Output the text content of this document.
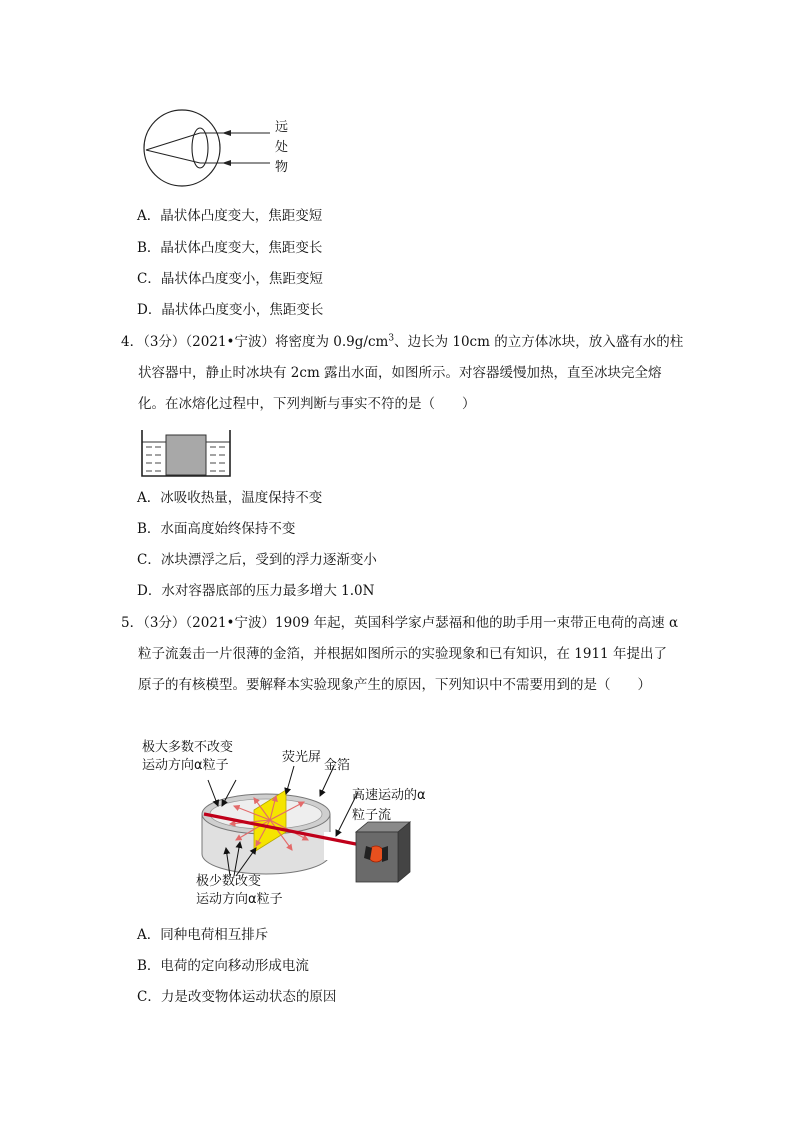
远
处
物
A．晶状体凸度变大，焦距变短
B．晶状体凸度变大，焦距变长
C．晶状体凸度变小，焦距变短
D．晶状体凸度变小，焦距变长
4．（3分）（2021•宁波）将密度为 $0.9g/cm^3$、边长为 10cm 的立方体冰块，放入盛有水的柱
状容器中，静止时冰块有 2cm 露出水面，如图所示。对容器缓慢加热，直至冰块完全熔
化。在冰熔化过程中，下列判断与事实不符的是（　　）
A．冰吸收热量，温度保持不变
B．水面高度始终保持不变
C．冰块漂浮之后，受到的浮力逐渐变小
D．水对容器底部的压力最多增大 1.0N
5．（3分）（2021•宁波）1909 年起，英国科学家卢瑟福和他的助手用一束带正电荷的高速 α
粒子流轰击一片很薄的金箔，并根据如图所示的实验现象和已有知识，在 1911 年提出了
原子的有核模型。要解释本实验现象产生的原因，下列知识中不需要用到的是（　　）
极大多数不改变
运动方向α粒子
荧光屏
金箔
高速运动的α
粒子流
极少数改变
运动方向α粒子
A．同种电荷相互排斥
B．电荷的定向移动形成电流
C．力是改变物体运动状态的原因
